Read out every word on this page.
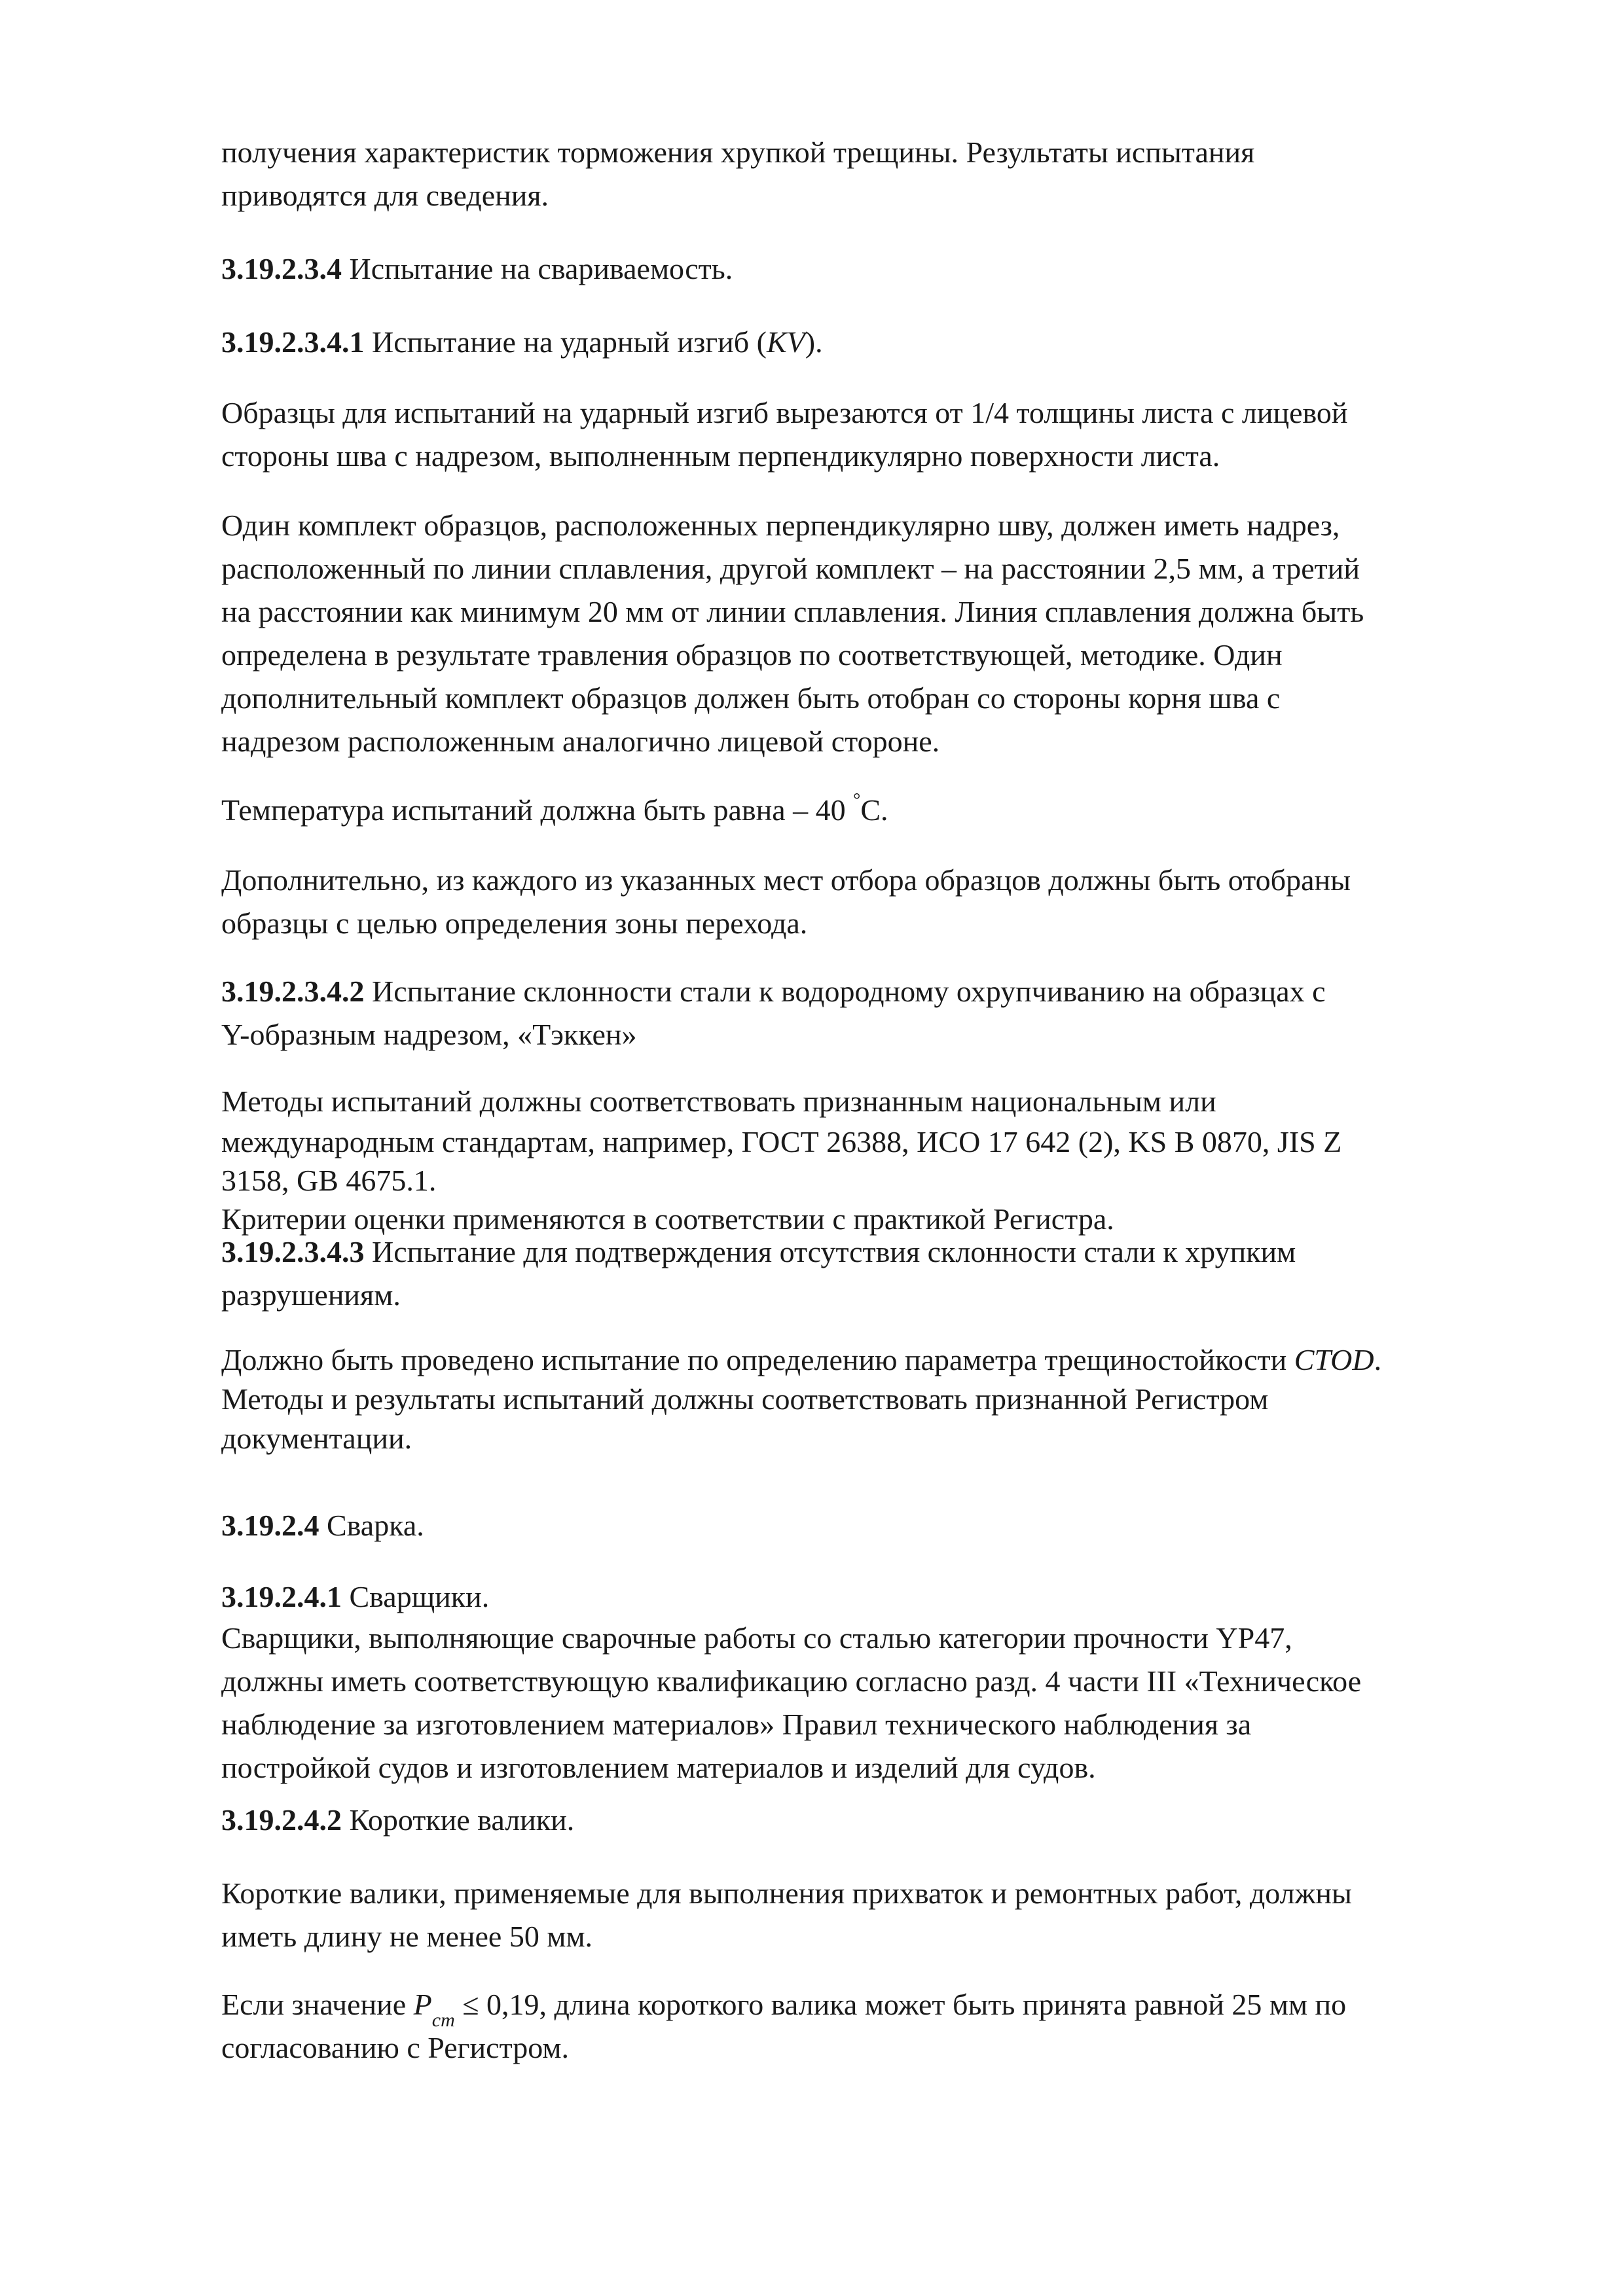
получения характеристик торможения хрупкой трещины. Результаты испытания

приводятся для сведения.

3.19.2.3.4 Испытание на свариваемость.

3.19.2.3.4.1 Испытание на ударный изгиб (KV).

Образцы для испытаний на ударный изгиб вырезаются от 1/4 толщины листа с лицевой

стороны шва с надрезом, выполненным перпендикулярно поверхности листа.

Один комплект образцов, расположенных перпендикулярно шву, должен иметь надрез,

расположенный по линии сплавления, другой комплект – на расстоянии 2,5 мм, а третий

на расстоянии как минимум 20 мм от линии сплавления. Линия сплавления должна быть

определена в результате травления образцов по соответствующей, методике. Один

дополнительный комплект образцов должен быть отобран со стороны корня шва с

надрезом расположенным аналогично лицевой стороне.

Температура испытаний должна быть равна – 40 °С.

Дополнительно, из каждого из указанных мест отбора образцов должны быть отобраны

образцы с целью определения зоны перехода.

3.19.2.3.4.2 Испытание склонности стали к водородному охрупчиванию на образцах с

Y-образным надрезом, «Тэккен»

Методы испытаний должны соответствовать признанным национальным или

международным стандартам, например, ГОСТ 26388, ИСО 17 642 (2), KS B 0870, JIS Z

3158, GB 4675.1.

Критерии оценки применяются в соответствии с практикой Регистра.

3.19.2.3.4.3 Испытание для подтверждения отсутствия склонности стали к хрупким

разрушениям.

Должно быть проведено испытание по определению параметра трещиностойкости CTOD.

Методы и результаты испытаний должны соответствовать признанной Регистром

документации.

3.19.2.4 Сварка.

3.19.2.4.1 Сварщики.

Сварщики, выполняющие сварочные работы со сталью категории прочности YP47,

должны иметь соответствующую квалификацию согласно разд. 4 части III «Техническое

наблюдение за изготовлением материалов» Правил технического наблюдения за

постройкой судов и изготовлением материалов и изделий для судов.

3.19.2.4.2 Короткие валики.

Короткие валики, применяемые для выполнения прихваток и ремонтных работ, должны

иметь длину не менее 50 мм.

Если значение $P_{cm} \le 0,19$, длина короткого валика может быть принята равной 25 мм по

согласованию с Регистром.
